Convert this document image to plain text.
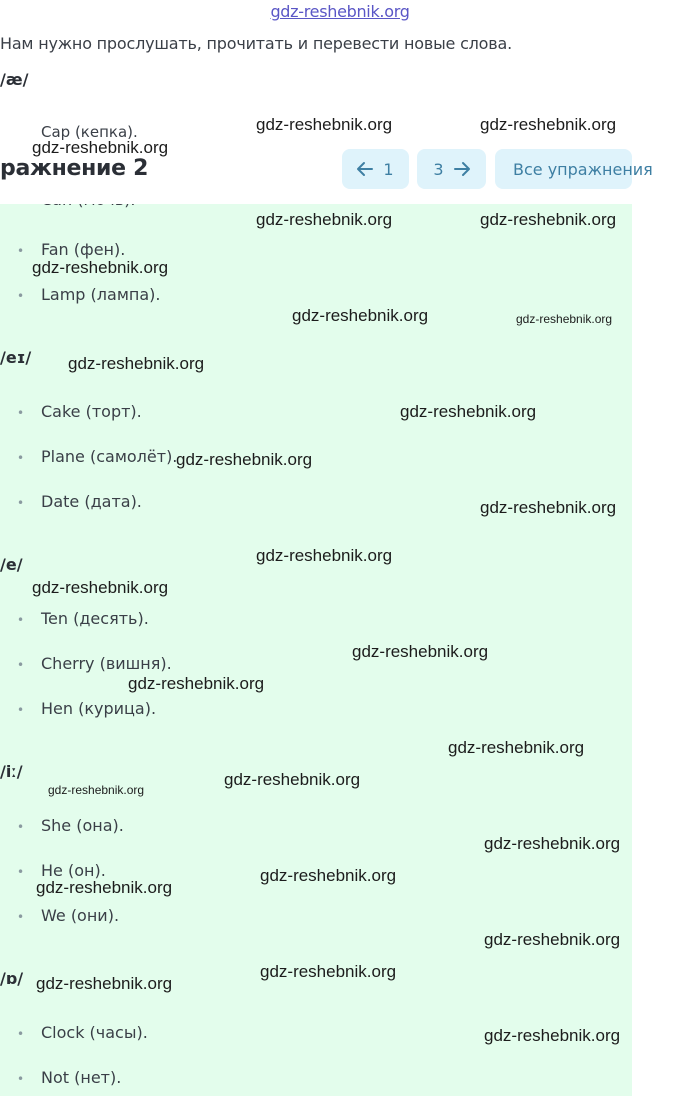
gdz-reshebnik.org
Нам нужно прослушать, прочитать и перевести новые слова.
/æ/
Cap (кепка).
ражнение 2	1 3	Все упражнения
• Fan (фен).
• Lamp (лампа).
/eɪ/
• Cake (торт).
• Plane (самолёт).
• Date (дата).
/e/
• Ten (десять).
• Cherry (вишня).
• Hen (курица).
/iː/
• She (она).
• He (он).
• We (они).
/ɒ/
• Clock (часы).
• Not (нет).
gdz-reshebnik.org	gdz-reshebnik.org
gdz-reshebnik.org
gdz-reshebnik.org	gdz-reshebnik.org
gdz-reshebnik.org
gdz-reshebnik.org	gdz-reshebnik.org
gdz-reshebnik.org
gdz-reshebnik.org
gdz-reshebnik.org
gdz-reshebnik.org
gdz-reshebnik.org
gdz-reshebnik.org
gdz-reshebnik.org
gdz-reshebnik.org
gdz-reshebnik.org
gdz-reshebnik.org
gdz-reshebnik.org
gdz-reshebnik.org
gdz-reshebnik.org
gdz-reshebnik.org
gdz-reshebnik.org
gdz-reshebnik.org
gdz-reshebnik.org
gdz-reshebnik.org
